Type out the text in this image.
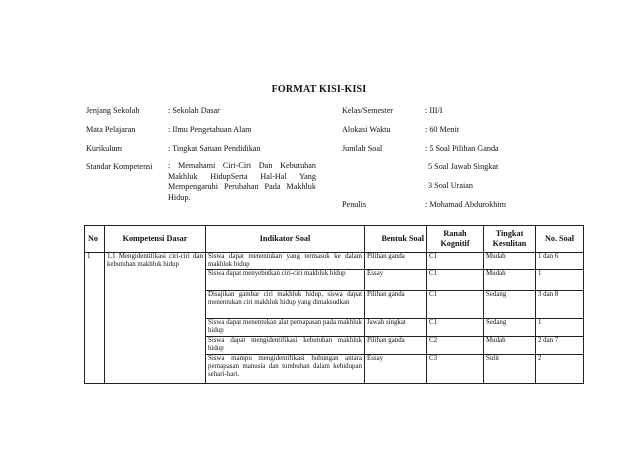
FORMAT KISI-KISI
Jenjang Sekolah	: Sekolah Dasar
Mata Pelajaran	: Ilmu Pengetahuan Alam
Kurikulum	: Tingkat Satuan Pendidikan
Standar Kompetensi : Memahami Ciri-Ciri Dan Kebutuhan Makhluk HidupSerta Hal-Hal Yang Mempengaruhi Perubahan Pada Makhluk Hidup.
Kelas/Semester	: III/I
Alokasi Waktu	: 60 Menit
Jumlah Soal	: 5 Soal Pilihan Ganda
5 Soal Jawab Singkat
3 Soal Uraian
Penulis	: Mohamad Abdurokhim
No	Kompetensi Dasar	Indikator Soal	Bentuk Soal	Ranah Kognitif	Tingkat Kesulitan	No. Soal
1	1.1 Mengidentifikasi ciri-ciri dan kebutuhan makhluk hidup	Siswa dapat menentukan yang termasuk ke dalam makhluk hidup	Pilihan ganda	C1	Mudah	1 dan 6
		Siswa dapat menyebutkan ciri-ciri makhluk hidup	Essay	C1	Mudah	1
		Disajikan gambar ciri makhluk hidup, siswa dapat menentukan ciri makhluk hidup yang dimaksudkan	Pilihan ganda	C1	Sedang	3 dan 8
		Siswa dapat menentukan alat pernapasan pada makhluk hidup	Jawab singkat	C1	Sedang	1
		Siswa dapat mengidentifikasi kebutuhan makhluk hidup	Pilihan ganda	C2	Mudah	2 dan 7
		Siswa mampu mengidentifikasi hubungan antara pernapasan manusia dan tumbuhan dalam kehidupan sehari-hari.	Essay	C3	Sulit	2
